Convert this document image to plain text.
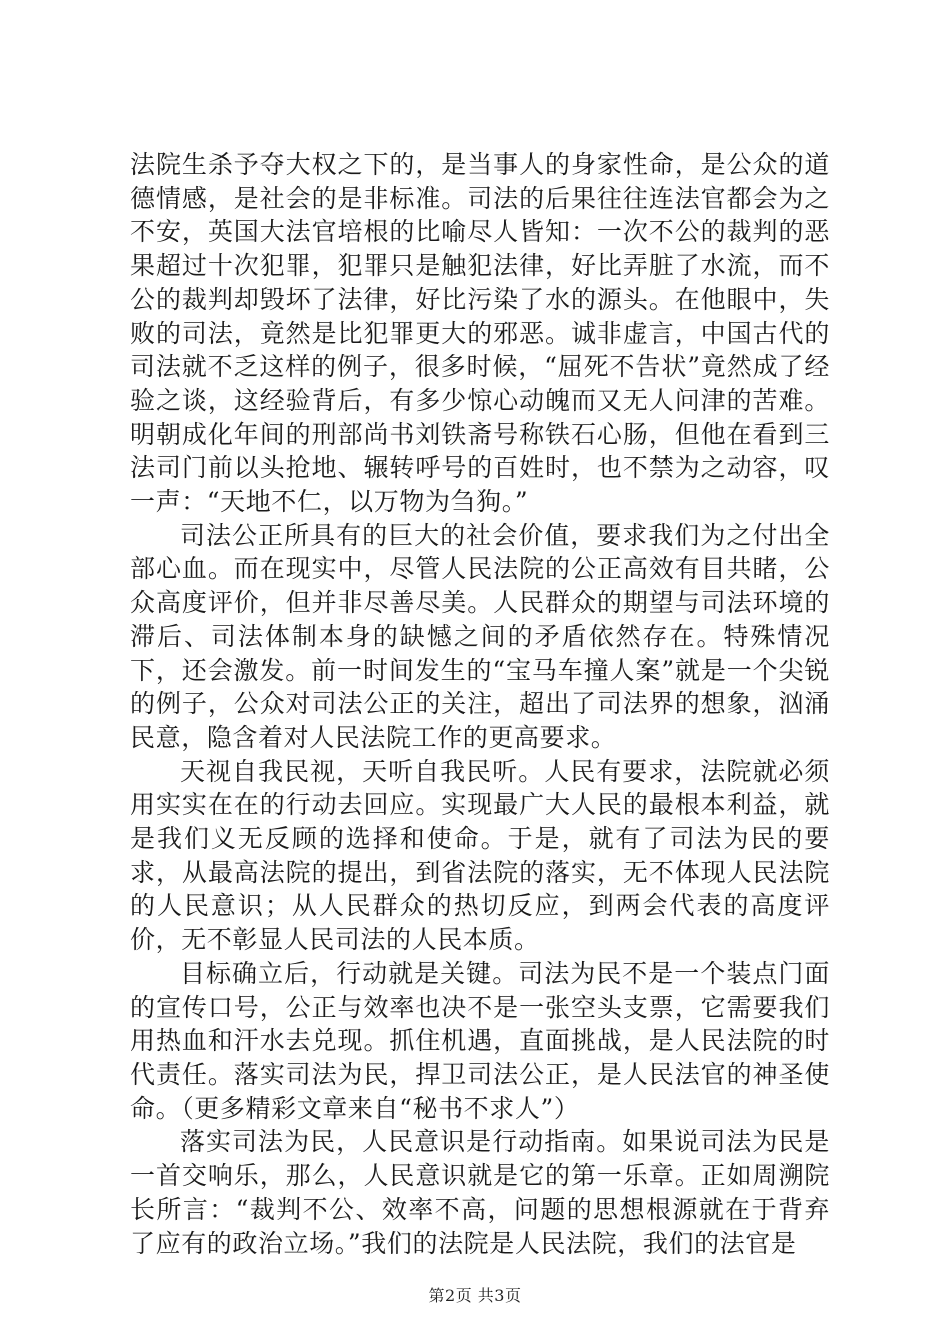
法院生杀予夺大权之下的，是当事人的身家性命，是公众的道德情感，是社会的是非标准。司法的后果往往连法官都会为之不安，英国大法官培根的比喻尽人皆知：一次不公的裁判的恶果超过十次犯罪，犯罪只是触犯法律，好比弄脏了水流，而不公的裁判却毁坏了法律，好比污染了水的源头。在他眼中，失败的司法，竟然是比犯罪更大的邪恶。诚非虚言，中国古代的司法就不乏这样的例子，很多时候，“屈死不告状”竟然成了经验之谈，这经验背后，有多少惊心动魄而又无人问津的苦难。明朝成化年间的刑部尚书刘铁斋号称铁石心肠，但他在看到三法司门前以头抢地、辗转呼号的百姓时，也不禁为之动容，叹一声：“天地不仁，以万物为刍狗。”

司法公正所具有的巨大的社会价值，要求我们为之付出全部心血。而在现实中，尽管人民法院的公正高效有目共睹，公众高度评价，但并非尽善尽美。人民群众的期望与司法环境的滞后、司法体制本身的缺憾之间的矛盾依然存在。特殊情况下，还会激发。前一时间发生的“宝马车撞人案”就是一个尖锐的例子，公众对司法公正的关注，超出了司法界的想象，汹涌民意，隐含着对人民法院工作的更高要求。

天视自我民视，天听自我民听。人民有要求，法院就必须用实实在在的行动去回应。实现最广大人民的最根本利益，就是我们义无反顾的选择和使命。于是，就有了司法为民的要求，从最高法院的提出，到省法院的落实，无不体现人民法院的人民意识；从人民群众的热切反应，到两会代表的高度评价，无不彰显人民司法的人民本质。

目标确立后，行动就是关键。司法为民不是一个装点门面的宣传口号，公正与效率也决不是一张空头支票，它需要我们用热血和汗水去兑现。抓住机遇，直面挑战，是人民法院的时代责任。落实司法为民，捍卫司法公正，是人民法官的神圣使命。（更多精彩文章来自“秘书不求人”）

落实司法为民，人民意识是行动指南。如果说司法为民是一首交响乐，那么，人民意识就是它的第一乐章。正如周溯院长所言：“裁判不公、效率不高，问题的思想根源就在于背弃了应有的政治立场。”我们的法院是人民法院，我们的法官是

第2页 共3页
